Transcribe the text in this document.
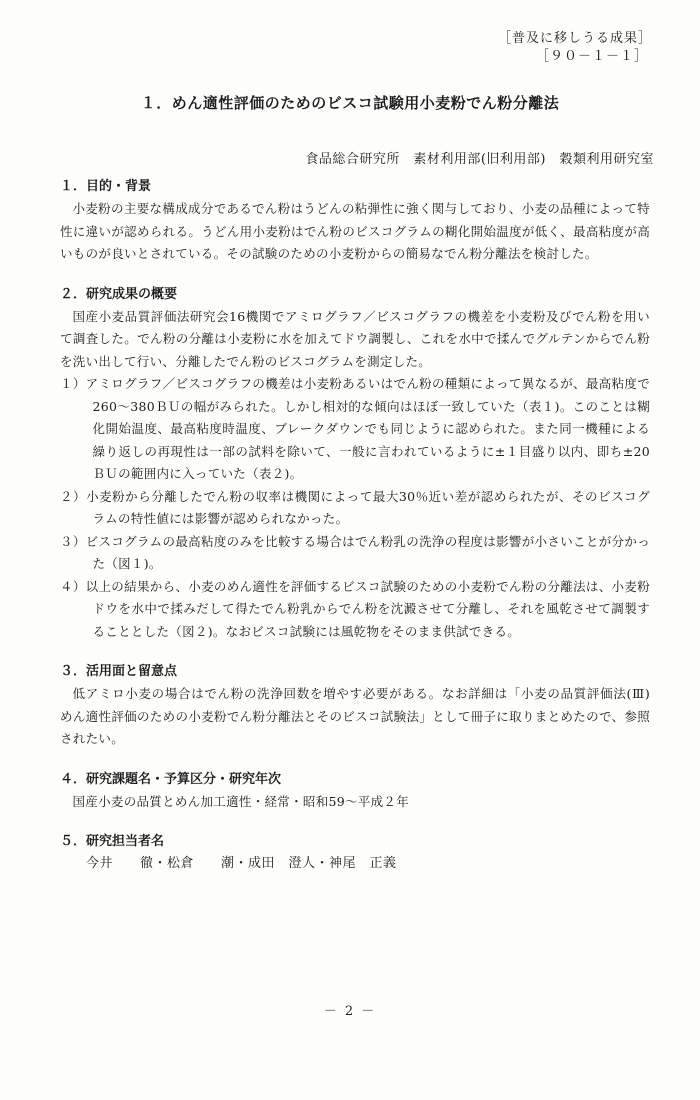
［普及に移しうる成果］
［９０－１－１］
１．めん適性評価のためのビスコ試験用小麦粉でん粉分離法
食品総合研究所　素材利用部(旧利用部)　穀類利用研究室

１．目的・背景

小麦粉の主要な構成成分であるでん粉はうどんの粘弾性に強く関与しており、小麦の品種によって特性に違いが認められる。うどん用小麦粉はでん粉のビスコグラムの糊化開始温度が低く、最高粘度が高いものが良いとされている。その試験のための小麦粉からの簡易なでん粉分離法を検討した。

２．研究成果の概要

国産小麦品質評価法研究会16機関でアミログラフ／ビスコグラフの機差を小麦粉及びでん粉を用いて調査した。でん粉の分離は小麦粉に水を加えてドウ調製し、これを水中で揉んでグルテンからでん粉を洗い出して行い、分離したでん粉のビスコグラムを測定した。

１）アミログラフ／ビスコグラフの機差は小麦粉あるいはでん粉の種類によって異なるが、最高粘度で260～380ＢＵの幅がみられた。しかし相対的な傾向はほぼ一致していた（表１)。このことは糊化開始温度、最高粘度時温度、ブレークダウンでも同じように認められた。また同一機種による繰り返しの再現性は一部の試料を除いて、一般に言われているように±１目盛り以内、即ち±20ＢＵの範囲内に入っていた（表２)。

２）小麦粉から分離したでん粉の収率は機関によって最大30％近い差が認められたが、そのビスコグラムの特性値には影響が認められなかった。

３）ビスコグラムの最高粘度のみを比較する場合はでん粉乳の洗浄の程度は影響が小さいことが分かった（図１)。

４）以上の結果から、小麦のめん適性を評価するビスコ試験のための小麦粉でん粉の分離法は、小麦粉ドウを水中で揉みだして得たでん粉乳からでん粉を沈澱させて分離し、それを風乾させて調製することとした（図２)。なおビスコ試験には風乾物をそのまま供試できる。

３．活用面と留意点

低アミロ小麦の場合はでん粉の洗浄回数を増やす必要がある。なお詳細は「小麦の品質評価法(Ⅲ)　めん適性評価のための小麦粉でん粉分離法とそのビスコ試験法」として冊子に取りまとめたので、参照されたい。

４．研究課題名・予算区分・研究年次

国産小麦の品質とめん加工適性・経常・昭和59～平成２年

５．研究担当者名

今井　　徹・松倉　　潮・成田　澄人・神尾　正義

－ 2 －
